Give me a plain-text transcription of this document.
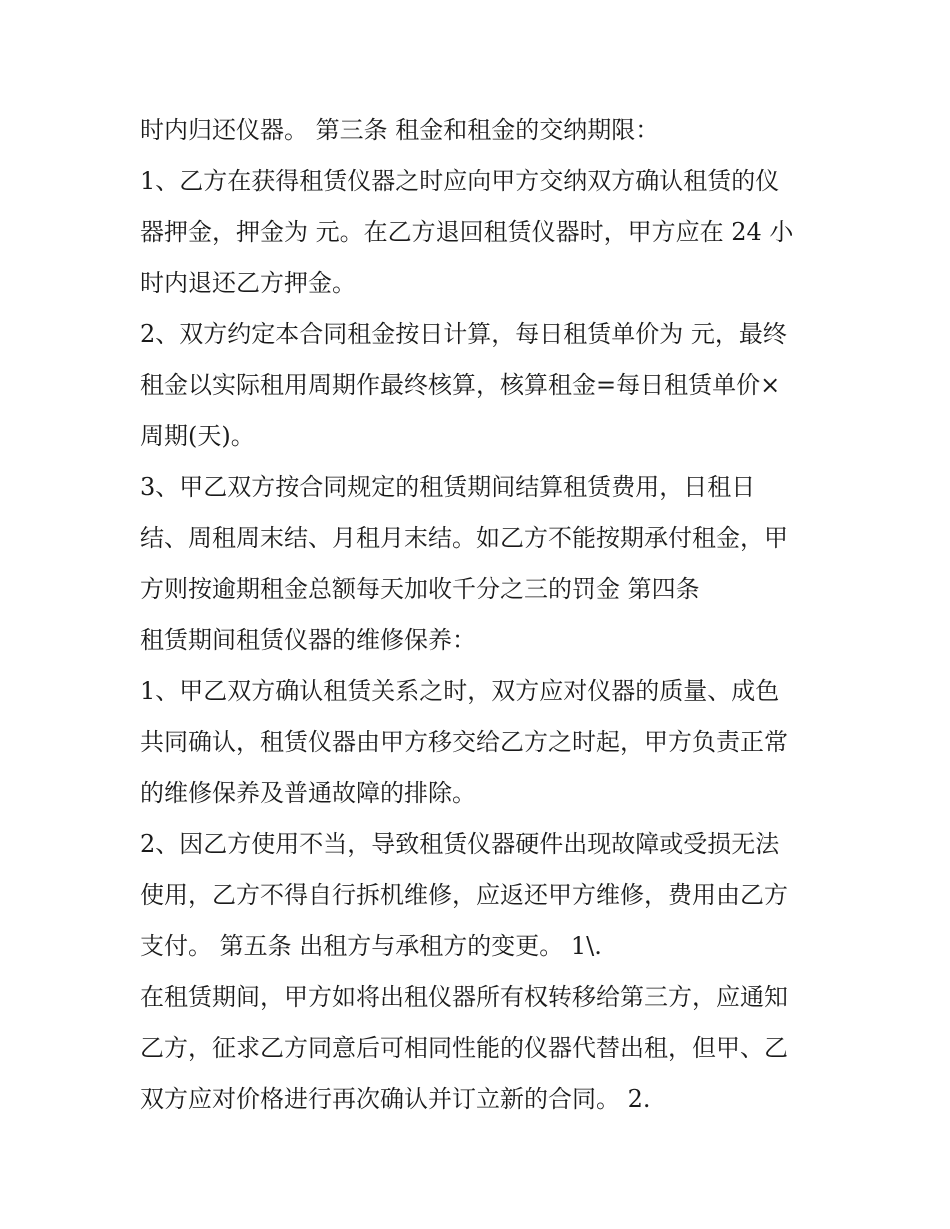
时内归还仪器。 第三条 租金和租金的交纳期限：
1、乙方在获得租赁仪器之时应向甲方交纳双方确认租赁的仪
器押金，押金为 元。在乙方退回租赁仪器时，甲方应在 24 小
时内退还乙方押金。
2、双方约定本合同租金按日计算，每日租赁单价为 元，最终
租金以实际租用周期作最终核算，核算租金=每日租赁单价×
周期(天)。
3、甲乙双方按合同规定的租赁期间结算租赁费用，日租日
结、周租周末结、月租月末结。如乙方不能按期承付租金，甲
方则按逾期租金总额每天加收千分之三的罚金 第四条
租赁期间租赁仪器的维修保养：
1、甲乙双方确认租赁关系之时，双方应对仪器的质量、成色
共同确认，租赁仪器由甲方移交给乙方之时起，甲方负责正常
的维修保养及普通故障的排除。
2、因乙方使用不当，导致租赁仪器硬件出现故障或受损无法
使用，乙方不得自行拆机维修，应返还甲方维修，费用由乙方
支付。 第五条 出租方与承租方的变更。 1\.
在租赁期间，甲方如将出租仪器所有权转移给第三方，应通知
乙方，征求乙方同意后可相同性能的仪器代替出租，但甲、乙
双方应对价格进行再次确认并订立新的合同。 2.
